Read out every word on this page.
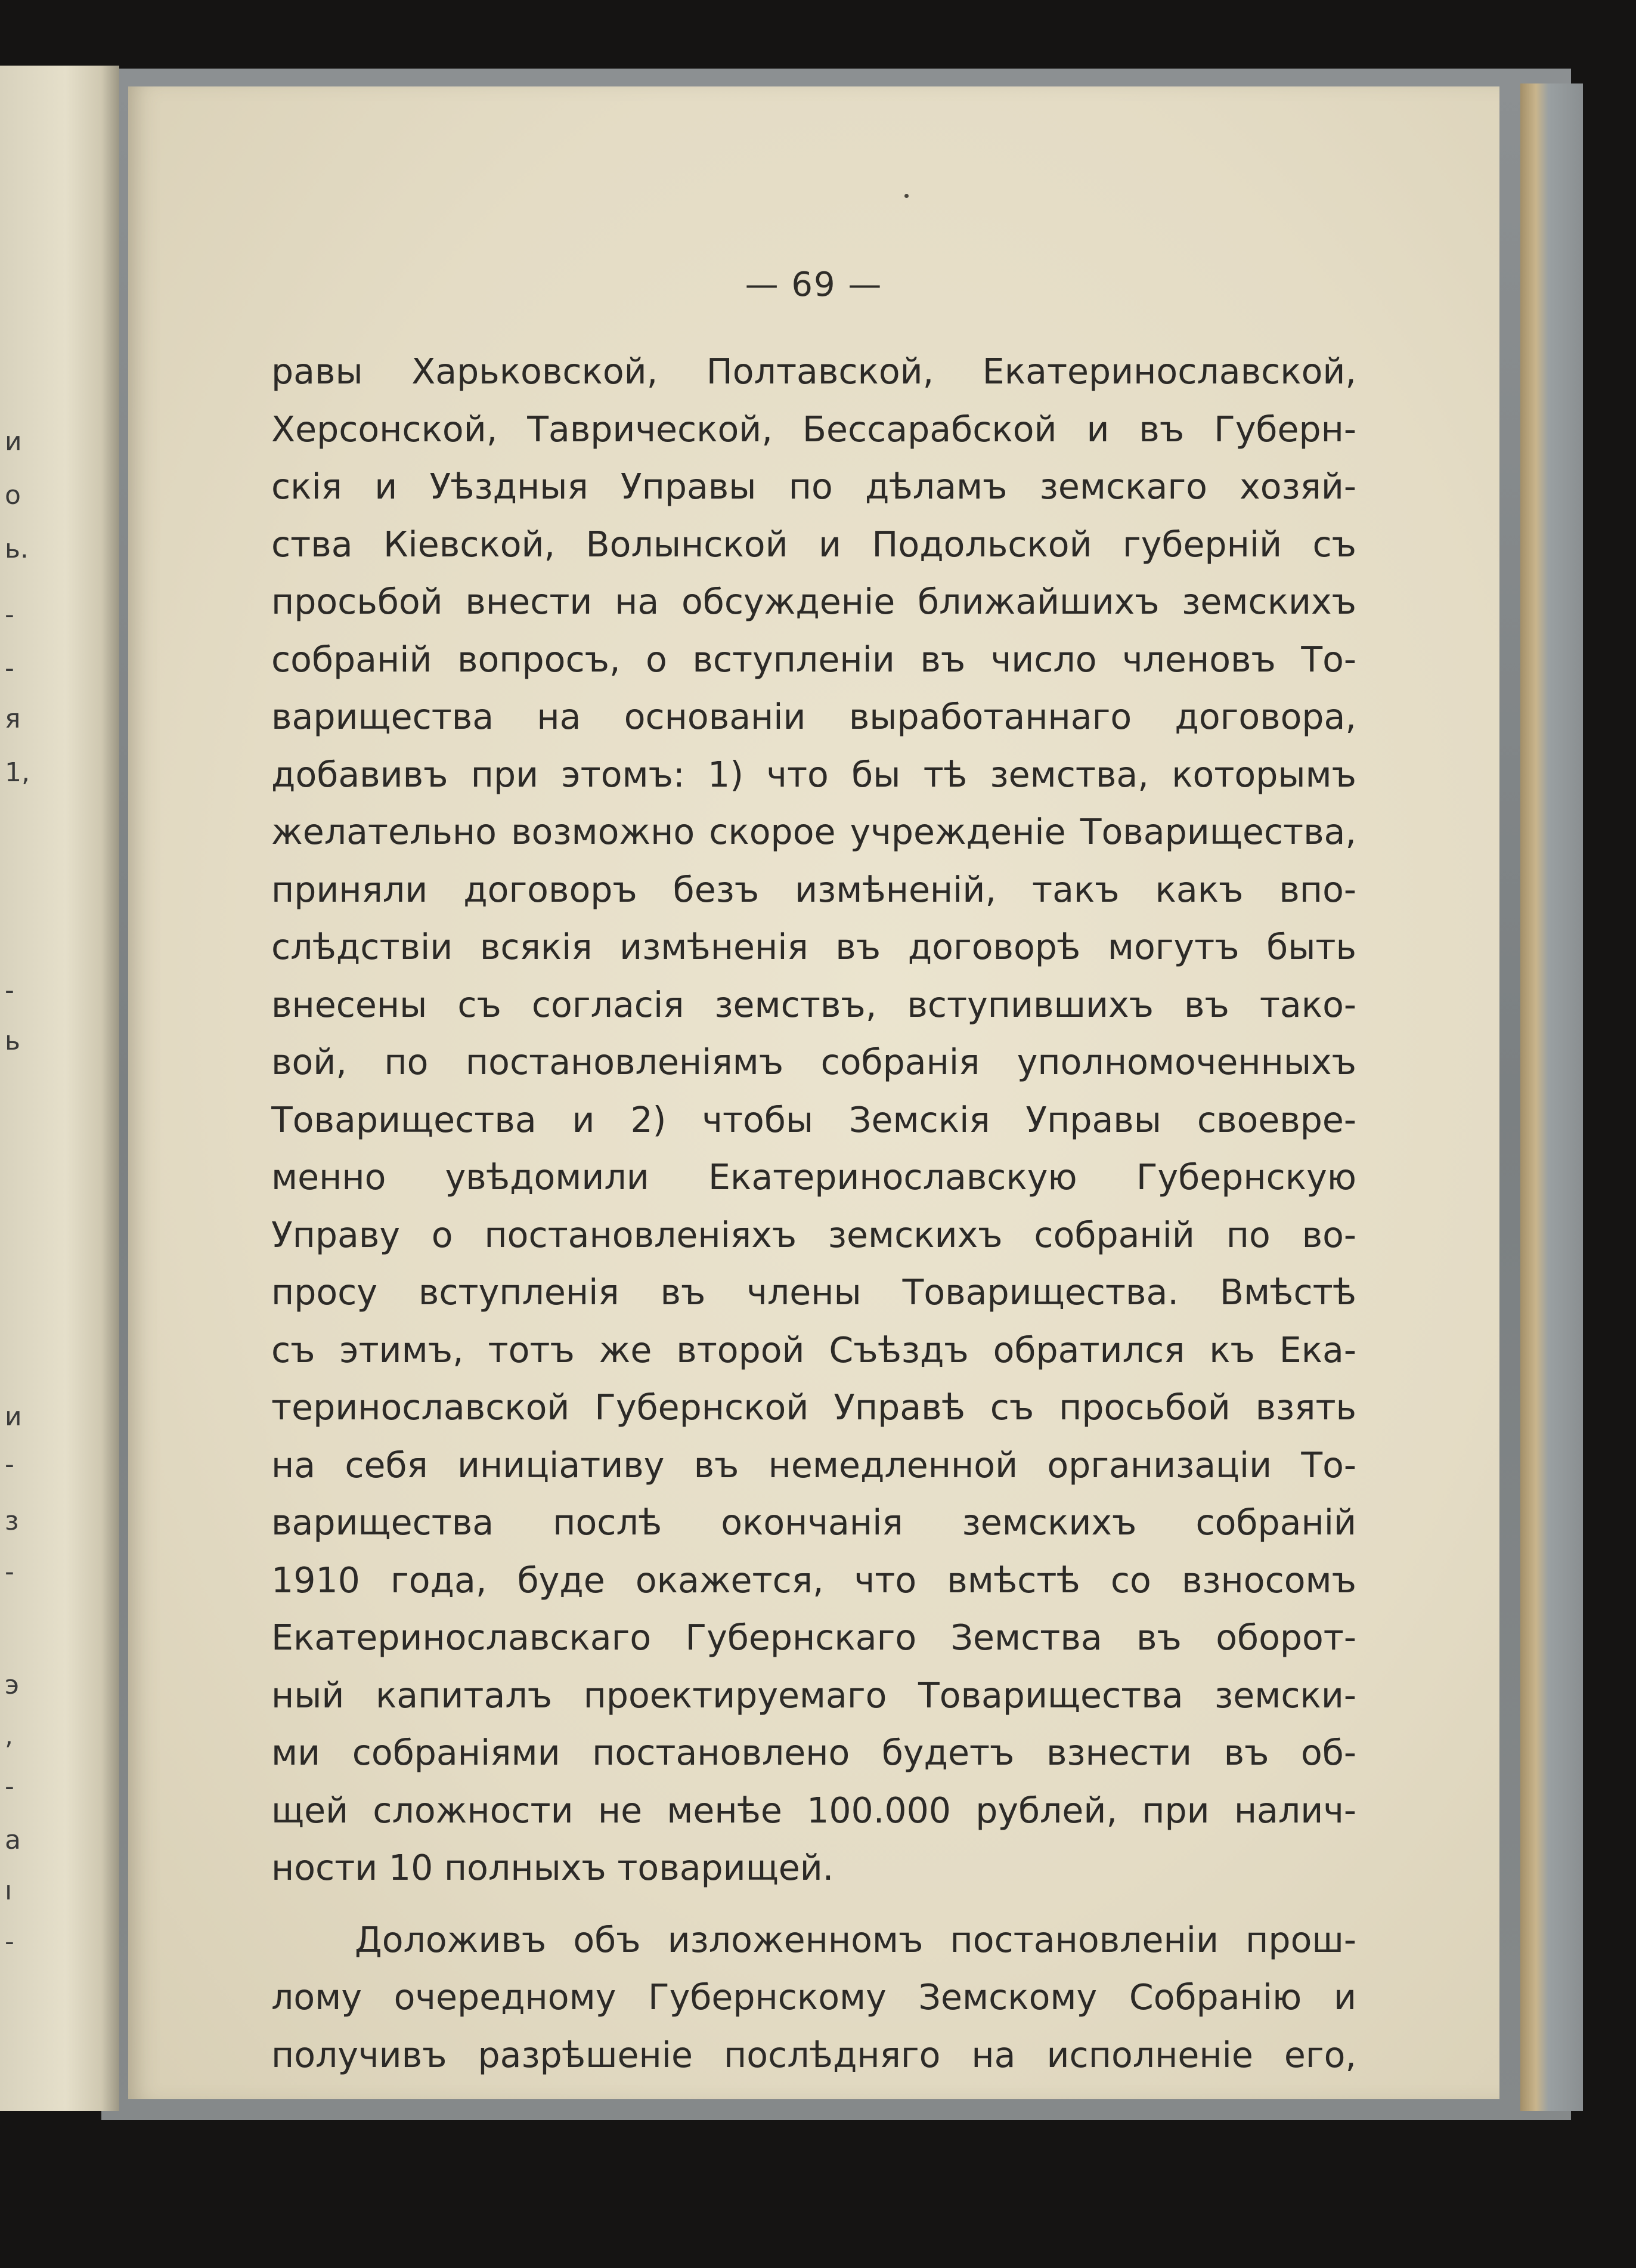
и
о
ь.
-
-
я
1,
-
ь
и
-
з
-
э
,
-
а
ı
-
— 69 —
равы Харьковской, Полтавской, Екатеринославской,
Херсонской, Таврической, Бессарабской и въ Губерн-
скія и Уѣздныя Управы по дѣламъ земскаго хозяй-
ства Кіевской, Волынской и Подольской губерній съ
просьбой внести на обсужденіе ближайшихъ земскихъ
собраній вопросъ, о вступленіи въ число членовъ То-
варищества на основаніи выработаннаго договора,
добавивъ при этомъ: 1) что бы тѣ земства, которымъ
желательно возможно скорое учрежденіе Товарищества,
приняли договоръ безъ измѣненій, такъ какъ впо-
слѣдствіи всякія измѣненія въ договорѣ могутъ быть
внесены съ согласія земствъ, вступившихъ въ тако-
вой, по постановленіямъ собранія уполномоченныхъ
Товарищества и 2) чтобы Земскія Управы своевре-
менно увѣдомили Екатеринославскую Губернскую
Управу о постановленіяхъ земскихъ собраній по во-
просу вступленія въ члены Товарищества. Вмѣстѣ
съ этимъ, тотъ же второй Съѣздъ обратился къ Ека-
теринославской Губернской Управѣ съ просьбой взять
на себя иниціативу въ немедленной организаціи То-
варищества послѣ окончанія земскихъ собраній
1910 года, буде окажется, что вмѣстѣ со взносомъ
Екатеринославскаго Губернскаго Земства въ оборот-
ный капиталъ проектируемаго Товарищества земски-
ми собраніями постановлено будетъ взнести въ об-
щей сложности не менѣе 100.000 рублей, при налич-
ности 10 полныхъ товарищей.
Доложивъ объ изложенномъ постановленіи прош-
лому очередному Губернскому Земскому Собранію и
получивъ разрѣшеніе послѣдняго на исполненіе его,
